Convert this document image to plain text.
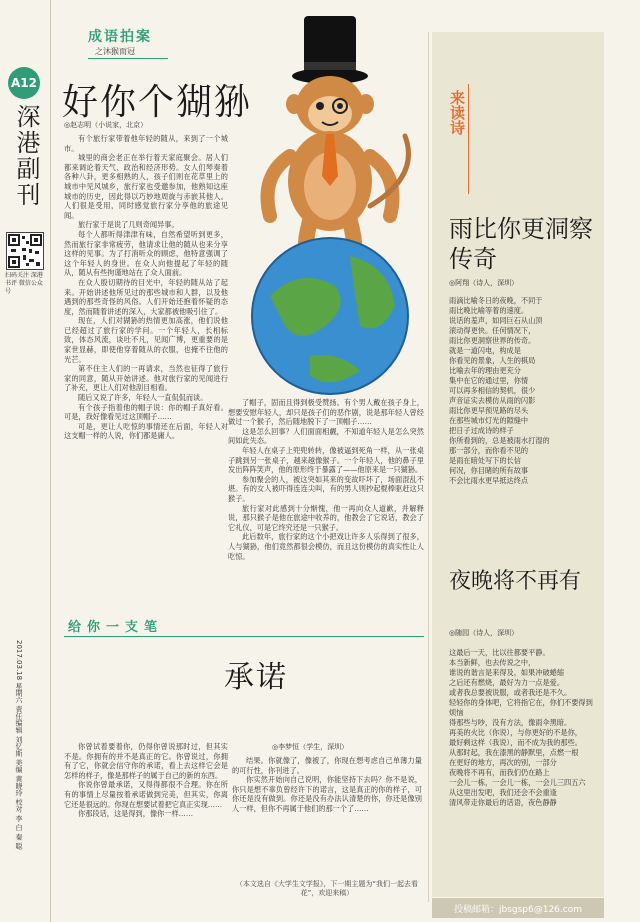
A12
深港副刊
扫码关注 深港书评 微信公众号
2017.03.18 星期六 责任编辑 刘忆斯 美编 黄晓玲 校对 李 白 秦 聪
成语拍案
之沐猴而冠
好你个猢狲
◎赵志明（小说家，北京）

有个旅行家带着他年轻的随从，来到了一个城市。

城里的商会老正在举行着天家庭聚会。居人们都来调论着天气、政治和经济形势。女人们琴奏着各种八卦，更多相熟的人，孩子们则在花草里上的城市中见风城乡，旅行家也受邀参加，他熟知这座城市的历史，因此得以巧妙地周旋与赤嵌其他人。人们很是受用，同时感觉旅行家分享他的旅途见闻。

旅行家于是说了几则奇闻异事。

每个人都听得津津有味，自然希望听到更多，然而旅行家非常疲劳，他请求让他的随从也来分享这样的见事。为了打消听众的顾虑，他特意强调了这个年轻人的身世。在众人向他提起了年轻的随从，随从有些拘谨地站在了众人面前。

在众人殷切期待的目光中，年轻的随从站了起来。开始讲述他所见过的那些城市和人群，以及他遇到的那些奇怪的风俗。人们开始还抱着怀疑的态度，然而随着讲述的深入，大家都被他吸引住了。

现在，人们对猢狲的热情更加高涨，他们说他已经超过了旅行家的学问。一个年轻人，长相标致，体态风流，谈吐不凡，见闻广博，更重要的是家世显赫，即使他穿着随从的衣服，也掩不住他的光芒。

第不住主人们的一再请求，当然也征得了旅行家的同意，随从开始讲述。他对旅行家的见闻进行了补充，更让人们对他刮目相看。

随后又说了许多，年轻人一直侃侃而谈。

有个孩子指着他的帽子说：你的帽子真好看。可是，我好像看见过这顶帽子……

可是，更让人吃惊的事情还在后面，年轻人对这支帽一样的人说，你们都是庸人。

了帽子，固而且得到极受赞扬。有个男人戴在孩子身上，想要安慰年轻人，却只是孩子们的恶作剧，说是那年轻人曾经做过一个猴子，然后随地脱下了一顶帽子……

这是怎么回事？人们面面相觑，不知道年轻人是怎么突然间如此失态。

年轻人在桌子上兜兜转转，像被逼到死角一样，从一张桌子跳到另一张桌子，越来越像猴子。一个年轻人，他的鼻子里发出阵阵笑声，他的原形终于暴露了——他原来是一只猢狲。

参加聚会的人，被这突如其来的变故吓坏了，场面混乱不堪。有的女人被吓得连连尖叫，有的男人则抄起棍棒驱赶这只猴子。

旅行家对此感到十分惭愧，他一再向众人道歉，并解释说，那只猴子是他在旅途中收养的，他教会了它说话，教会了它礼仪，可是它终究还是一只猴子。

此后数年，旅行家的这个小把戏让许多人乐得到了很多，人与猢狲，他们竟然都很会模仿，而且这份模仿的真实性让人吃惊。

来读诗
雨比你更洞察传奇
◎阿翔（诗人，深圳）
雨滴比喻冬日的夜晚，不同于
雨比晚比喻等着的速度。
说话的羞声，如同巨石从山顶
滚动得更快。任何情况下，
雨比你更洞察世界的传奇。
就是一道闪电，构成是
你看见的景象，人生的棋局
比喻去年的理由更充分
集中在它的通过里，你情
可以再多相信的契机，很少
声音证实去模仿从雨的闪影
雨比你更早预见路的尽头
在那些城市灯光的隙缝中
把日子过成诗的样子
你所看到的，总是被雨水打湿的
那一部分，而你看不见的
是雨在暗处写下的长信
何况，你目睹的所有故事
不会比雨水更早抵达终点
夜晚将不再有
◎随园（诗人，深圳）
这最后一天，比以往都要平静。
本当新鲜，也去传说之中，
谁说的谐言是来得及，如果冲破蜷缩
之后还有燃烧，最好为力一点是爱。
或者我总要被说服，或者我还是不久。
轻轻你的身体吧，它将指它在，你们不要得到烦恼
得那些与吵，没有方法，像雨伞黑暗。
再美的火比（你说），与你更好的不是你，
最好剩这样（我说），而不成为我的那些。
从那时起，我在漆黑的静默里，点燃一根
在更好的地方，再次的别，一部分
夜晚将不再有，而我们仍在路上
一会儿一栋，一会儿一栋，一会儿三四五六
从这里出发吧，我们还会不会重逢
清风带走你最后的话语，夜色静静
投稿邮箱：jbsgsp6@126.com
给你一支笔
承诺
◎李梦恒（学生，深圳）

你曾试着要着你，仍得你曾说那时过，但其实不是。你拥有的并不是真正的它。你曾说过，你拥有了它，你就会信守你的承诺，看上去这样它会是怎样的样子，像是那样子的属于自己的新的东西。

你说你曾最承诺，又得得都很不合理。你在所有的事情上尽量按着承诺做到完美，但其实，你离它还是很远的。你现在想要试着把它真正实现……

你那段话，这是得到，像你一样……

结果。你就像了，像被了，你现在想考虑自己单薄力量的可行性，你刊进了。

你实然开始向自己说明，你能坚持下去吗？你不是说，你只是想不辜负曾经许下的诺言，这是真正的你的样子，可你还是没有做到。你还是没有办法认清楚的你，你还是像别人一样，但你不再属于他们的那一个了……

（本文选自《大学生文学报》，下一期主题为“我们一起去看花”，欢迎来稿）
